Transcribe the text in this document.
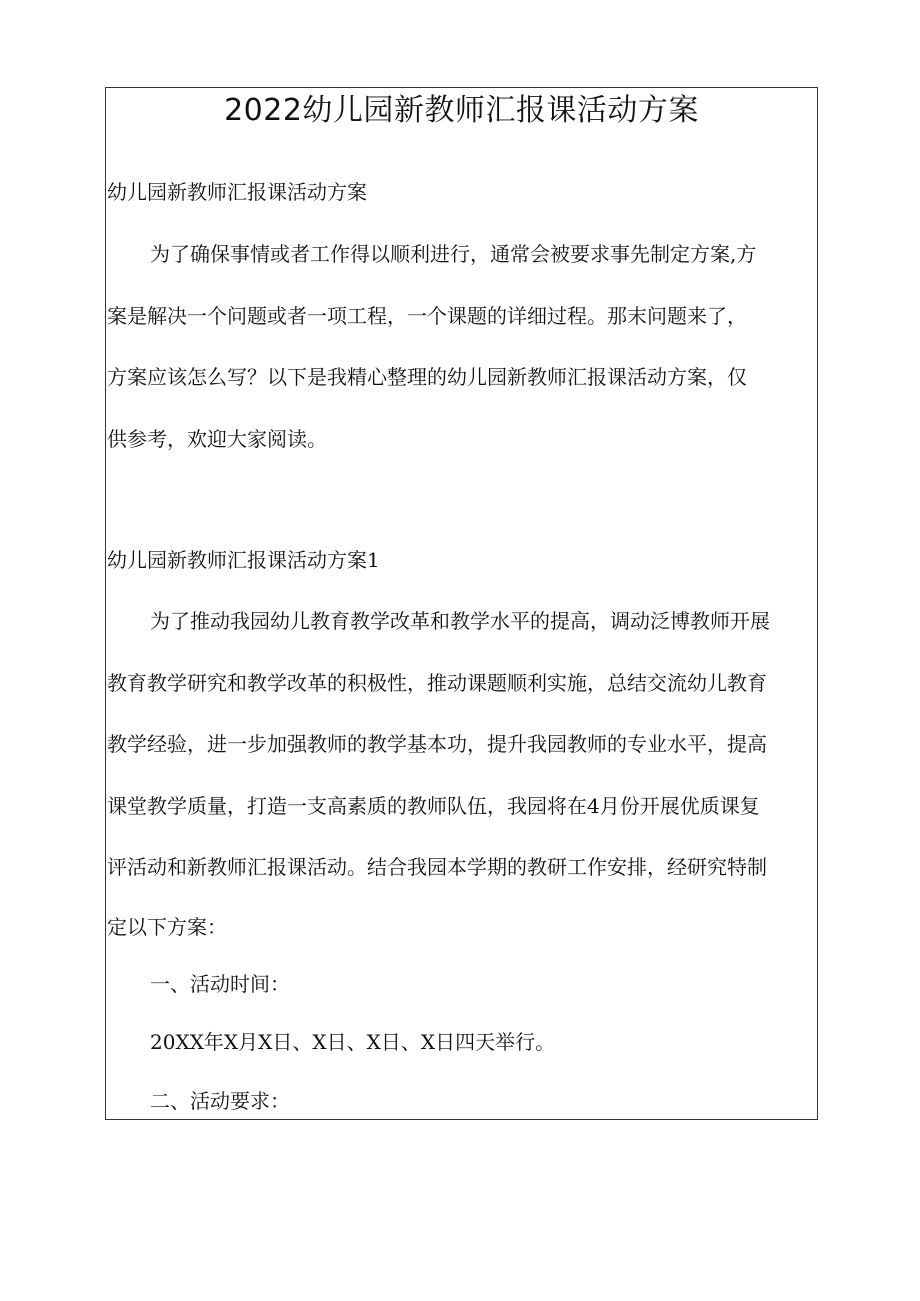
2022幼儿园新教师汇报课活动方案

幼儿园新教师汇报课活动方案

为了确保事情或者工作得以顺利进行，通常会被要求事先制定方案,方

案是解决一个问题或者一项工程，一个课题的详细过程。那末问题来了，

方案应该怎么写？以下是我精心整理的幼儿园新教师汇报课活动方案，仅

供参考，欢迎大家阅读。

幼儿园新教师汇报课活动方案1

为了推动我园幼儿教育教学改革和教学水平的提高，调动泛博教师开展

教育教学研究和教学改革的积极性，推动课题顺利实施，总结交流幼儿教育

教学经验，进一步加强教师的教学基本功，提升我园教师的专业水平，提高

课堂教学质量，打造一支高素质的教师队伍，我园将在4月份开展优质课复

评活动和新教师汇报课活动。结合我园本学期的教研工作安排，经研究特制

定以下方案：

一、活动时间：

20XX年X月X日、X日、X日、X日四天举行。

二、活动要求：
